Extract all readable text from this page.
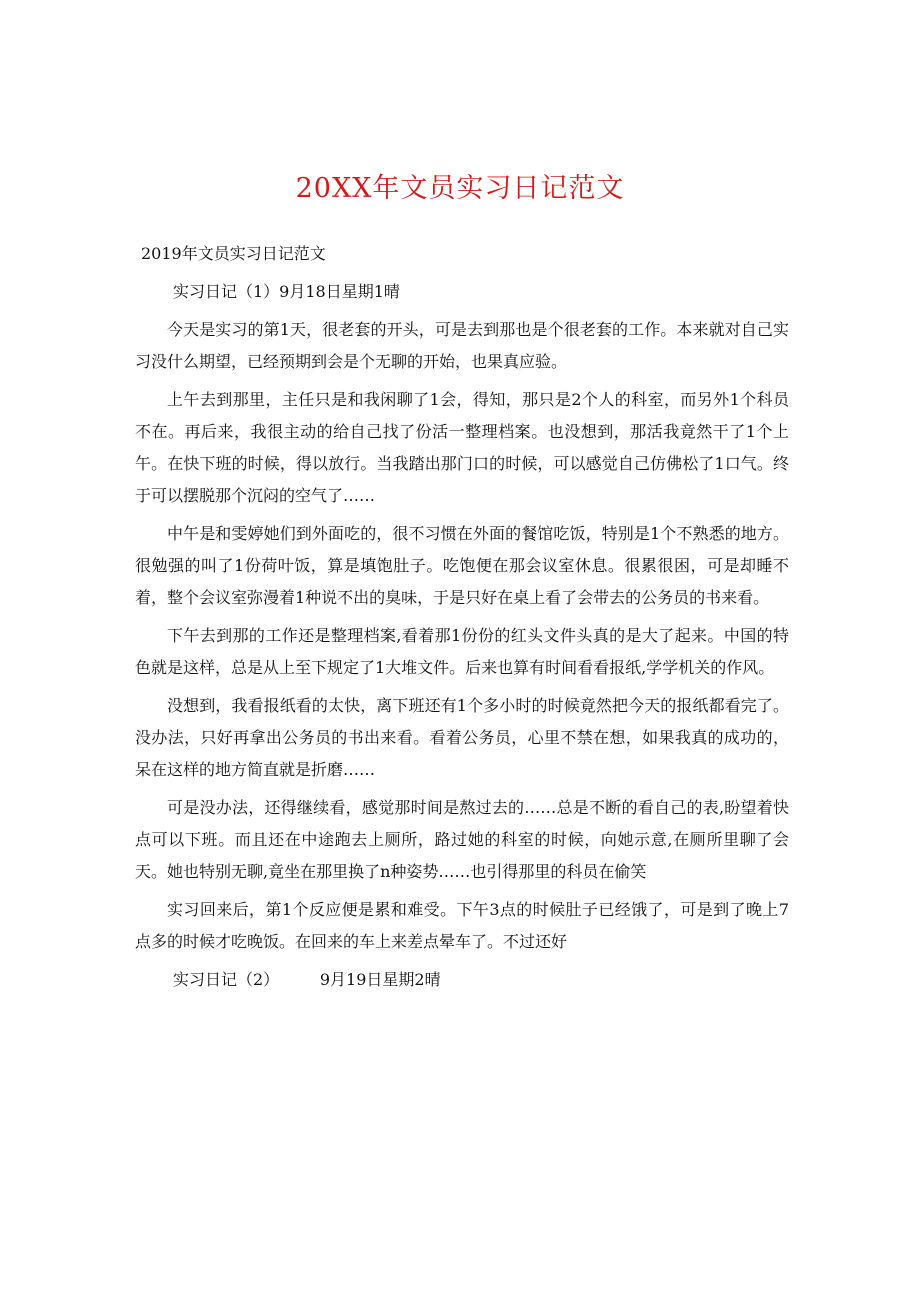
20XX年文员实习日记范文

2019年文员实习日记范文

实习日记（1）9月18日星期1晴

今天是实习的第1天，很老套的开头，可是去到那也是个很老套的工作。本来就对自己实习没什么期望，已经预期到会是个无聊的开始，也果真应验。

上午去到那里，主任只是和我闲聊了1会，得知，那只是2个人的科室，而另外1个科员不在。再后来，我很主动的给自己找了份活一整理档案。也没想到，那活我竟然干了1个上午。在快下班的时候，得以放行。当我踏出那门口的时候，可以感觉自己仿佛松了1口气。终于可以摆脱那个沉闷的空气了……

中午是和雯婷她们到外面吃的，很不习惯在外面的餐馆吃饭，特别是1个不熟悉的地方。很勉强的叫了1份荷叶饭，算是填饱肚子。吃饱便在那会议室休息。很累很困，可是却睡不着，整个会议室弥漫着1种说不出的臭味，于是只好在桌上看了会带去的公务员的书来看。

下午去到那的工作还是整理档案,看着那1份份的红头文件头真的是大了起来。中国的特色就是这样，总是从上至下规定了1大堆文件。后来也算有时间看看报纸,学学机关的作风。

没想到，我看报纸看的太快，离下班还有1个多小时的时候竟然把今天的报纸都看完了。没办法，只好再拿出公务员的书出来看。看着公务员，心里不禁在想，如果我真的成功的，呆在这样的地方简直就是折磨……

可是没办法，还得继续看，感觉那时间是熬过去的……总是不断的看自己的表,盼望着快点可以下班。而且还在中途跑去上厕所，路过她的科室的时候，向她示意,在厕所里聊了会天。她也特别无聊,竟坐在那里换了n种姿势……也引得那里的科员在偷笑

实习回来后，第1个反应便是累和难受。下午3点的时候肚子已经饿了，可是到了晚上7点多的时候才吃晚饭。在回来的车上来差点晕车了。不过还好

实习日记（2）        9月19日星期2晴
